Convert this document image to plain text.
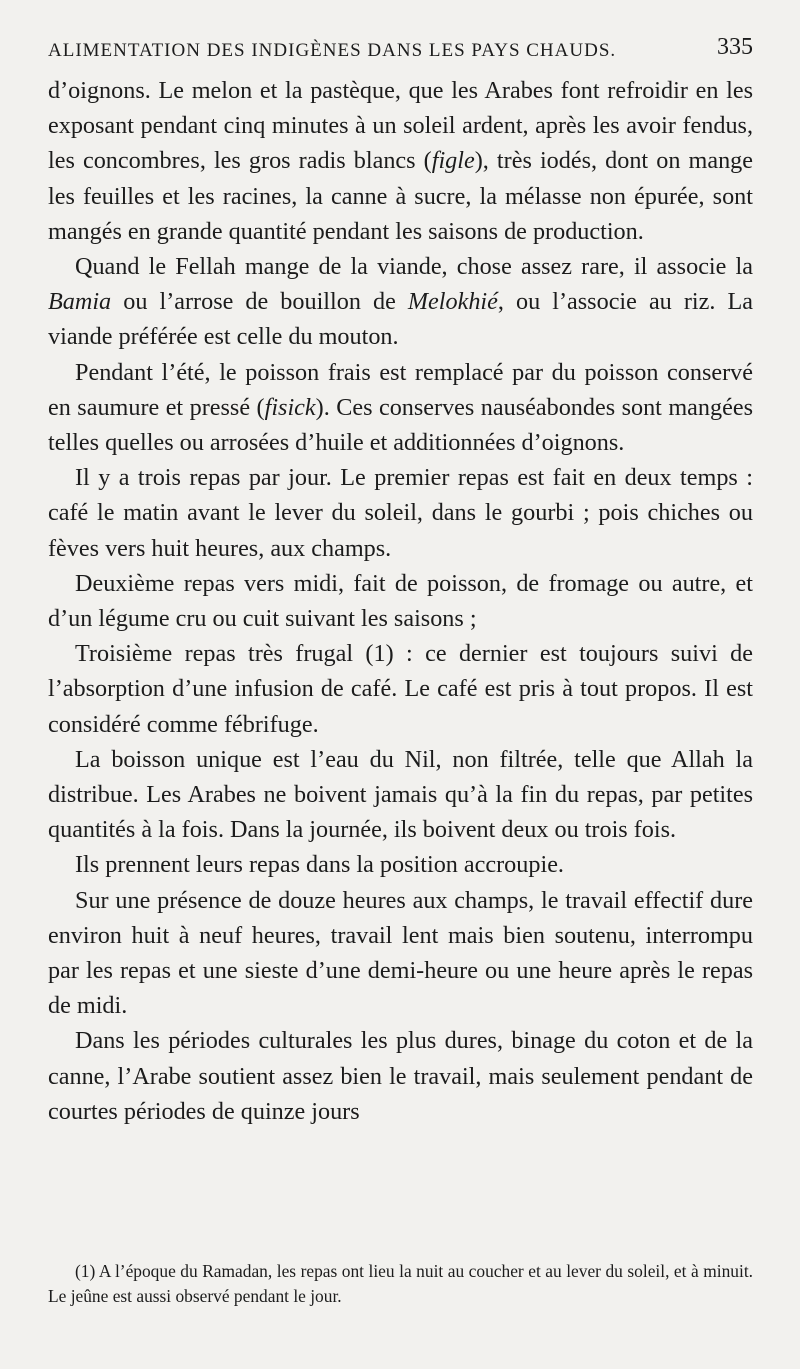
ALIMENTATION DES INDIGÈNES DANS LES PAYS CHAUDS.	335

d’oignons. Le melon et la pastèque, que les Arabes font refroidir en les exposant pendant cinq minutes à un soleil ardent, après les avoir fendus, les concombres, les gros radis blancs (figle), très iodés, dont on mange les feuilles et les racines, la canne à sucre, la mélasse non épurée, sont mangés en grande quantité pendant les saisons de production.

Quand le Fellah mange de la viande, chose assez rare, il associe la Bamia ou l’arrose de bouillon de Melokhié, ou l’associe au riz. La viande préférée est celle du mouton.

Pendant l’été, le poisson frais est remplacé par du poisson conservé en saumure et pressé (fisick). Ces conserves nauséabondes sont mangées telles quelles ou arrosées d’huile et additionnées d’oignons.

Il y a trois repas par jour. Le premier repas est fait en deux temps : café le matin avant le lever du soleil, dans le gourbi ; pois chiches ou fèves vers huit heures, aux champs.

Deuxième repas vers midi, fait de poisson, de fromage ou autre, et d’un légume cru ou cuit suivant les saisons ;

Troisième repas très frugal (1) : ce dernier est toujours suivi de l’absorption d’une infusion de café. Le café est pris à tout propos. Il est considéré comme fébrifuge.

La boisson unique est l’eau du Nil, non filtrée, telle que Allah la distribue. Les Arabes ne boivent jamais qu’à la fin du repas, par petites quantités à la fois. Dans la journée, ils boivent deux ou trois fois.

Ils prennent leurs repas dans la position accroupie.

Sur une présence de douze heures aux champs, le travail effectif dure environ huit à neuf heures, travail lent mais bien soutenu, interrompu par les repas et une sieste d’une demi-heure ou une heure après le repas de midi.

Dans les périodes culturales les plus dures, binage du coton et de la canne, l’Arabe soutient assez bien le travail, mais seulement pendant de courtes périodes de quinze jours

(1) A l’époque du Ramadan, les repas ont lieu la nuit au coucher et au lever du soleil, et à minuit. Le jeûne est aussi observé pendant le jour.
